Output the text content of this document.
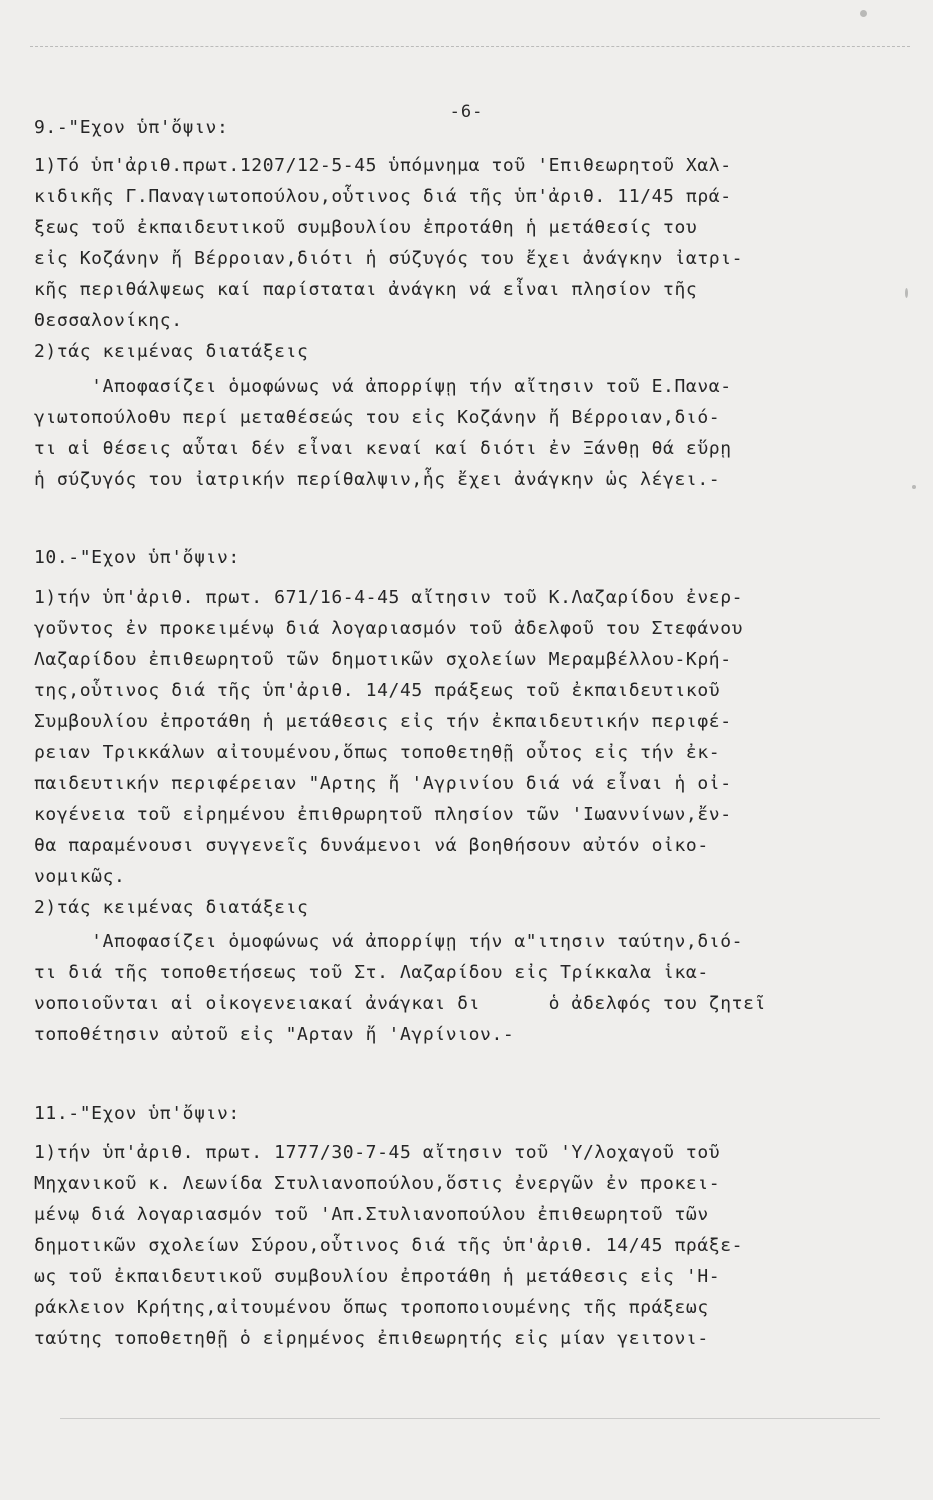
-6-
9.-"Εχον ὑπ'ὄψιν:
1)Τό ὑπ'ἀριθ.πρωτ.1207/12-5-45 ὑπόμνημα τοῦ 'Επιθεωρητοῦ Χαλ-
κιδικῆς Γ.Παναγιωτοπούλου,οὗτινος διά τῆς ὑπ'ἀριθ. 11/45 πρά-
ξεως τοῦ ἐκπαιδευτικοῦ συμβουλίου ἐπροτάθη ἡ μετάθεσίς του
εἰς Κοζάνην ἤ Βέρροιαν,διότι ἡ σύζυγός του ἔχει ἀνάγκην ἰατρι-
κῆς περιθάλψεως καί παρίσταται ἀνάγκη νά εἶναι πλησίον τῆς
Θεσσαλονίκης.
2)τάς κειμένας διατάξεις
'Αποφασίζει ὁμοφώνως νά ἀπορρίψῃ τήν αἴτησιν τοῦ Ε.Πανα-
γιωτοπούλοθυ περί μεταθέσεώς του εἰς Κοζάνην ἤ Βέρροιαν,διό-
τι αἱ θέσεις αὗται δέν εἶναι κεναί καί διότι ἐν Ξάνθῃ θά εὕρῃ
ἡ σύζυγός του ἰατρικήν περίθαλψιν,ἧς ἔχει ἀνάγκην ὡς λέγει.-
10.-"Εχον ὑπ'ὄψιν:
1)τήν ὑπ'ἀριθ. πρωτ. 671/16-4-45 αἴτησιν τοῦ Κ.Λαζαρίδου ἐνερ-
γοῦντος ἐν προκειμένῳ διά λογαριασμόν τοῦ ἀδελφοῦ του Στεφάνου
Λαζαρίδου ἐπιθεωρητοῦ τῶν δημοτικῶν σχολείων Μεραμβέλλου-Κρή-
της,οὗτινος διά τῆς ὑπ'ἀριθ. 14/45 πράξεως τοῦ ἐκπαιδευτικοῦ
Συμβουλίου ἐπροτάθη ἡ μετάθεσις εἰς τήν ἐκπαιδευτικήν περιφέ-
ρειαν Τρικκάλων αἰτουμένου,ὅπως τοποθετηθῇ οὗτος εἰς τήν ἐκ-
παιδευτικήν περιφέρειαν "Αρτης ἤ 'Αγρινίου διά νά εἶναι ἡ οἰ-
κογένεια τοῦ εἰρημένου ἐπιθρωρητοῦ πλησίον τῶν 'Ιωαννίνων,ἔν-
θα παραμένουσι συγγενεῖς δυνάμενοι νά βοηθήσουν αὐτόν οἰκο-
νομικῶς.
2)τάς κειμένας διατάξεις
'Αποφασίζει ὁμοφώνως νά ἀπορρίψῃ τήν α"ιτησιν ταύτην,διό-
τι διά τῆς τοποθετήσεως τοῦ Στ. Λαζαρίδου εἰς Τρίκκαλα ἱκα-
νοποιοῦνται αἱ οἰκογενειακαί ἀνάγκαι δι      ὁ ἀδελφός του ζητεῖ
τοποθέτησιν αὐτοῦ εἰς "Αρταν ἤ 'Αγρίνιον.-
11.-"Εχον ὑπ'ὄψιν:
1)τήν ὑπ'ἀριθ. πρωτ. 1777/30-7-45 αἴτησιν τοῦ 'Υ/λοχαγοῦ τοῦ
Μηχανικοῦ κ. Λεωνίδα Στυλιανοπούλου,ὅστις ἐνεργῶν ἐν προκει-
μένῳ διά λογαριασμόν τοῦ 'Απ.Στυλιανοπούλου ἐπιθεωρητοῦ τῶν
δημοτικῶν σχολείων Σύρου,οὗτινος διά τῆς ὑπ'ἀριθ. 14/45 πράξε-
ως τοῦ ἐκπαιδευτικοῦ συμβουλίου ἐπροτάθη ἡ μετάθεσις εἰς 'Η-
ράκλειον Κρήτης,αἰτουμένου ὅπως τροποποιουμένης τῆς πράξεως
ταύτης τοποθετηθῇ ὁ εἰρημένος ἐπιθεωρητής εἰς μίαν γειτονι-
